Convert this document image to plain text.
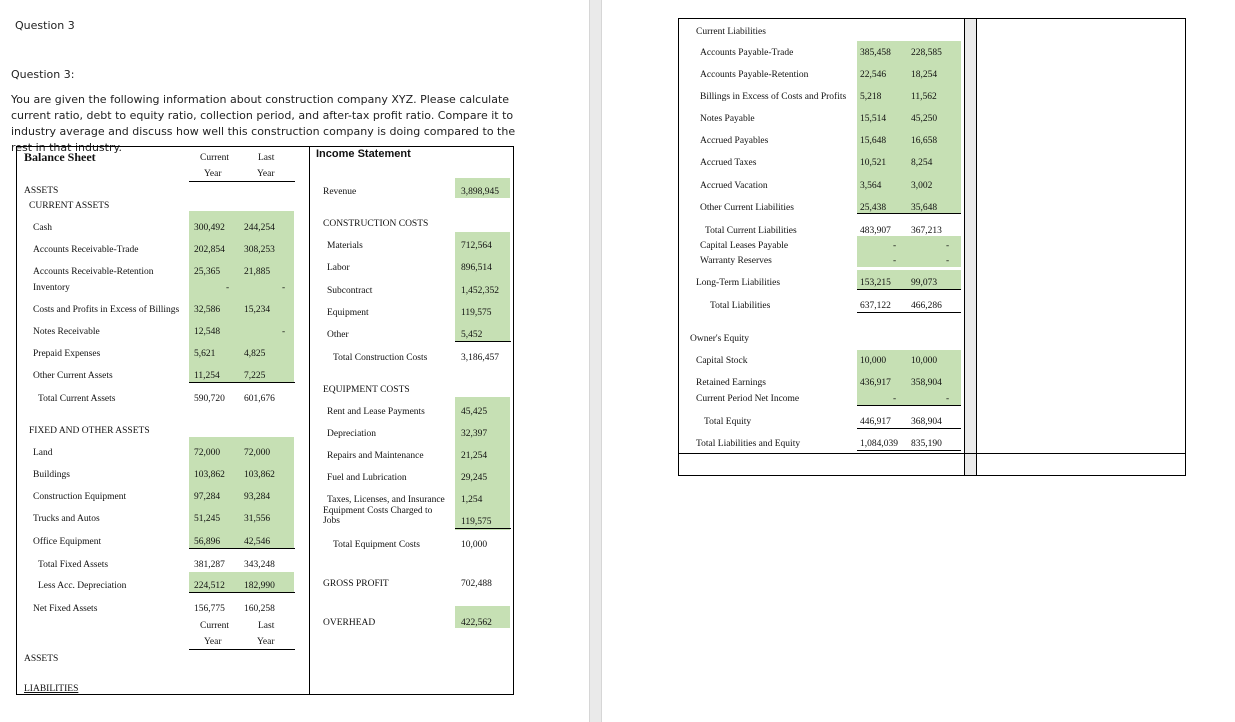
Question 3
Question 3:
You are given the following information about construction company XYZ. Please calculate current ratio, debt to equity ratio, collection period, and after-tax profit ratio. Compare it to industry average and discuss how well this construction company is doing compared to the rest in that industry.
Balance Sheet	Current
Year
Last
Year
ASSETS
CURRENT ASSETS
Cash	300,492 244,254
Accounts Receivable-Trade	202,854 308,253
Accounts Receivable-Retention	25,365	21,885
Inventory	-	-
Costs and Profits in Excess of Billings 32,586	15,234
Notes Receivable	12,548	-
Prepaid Expenses	5,621	4,825
Other Current Assets	11,254	7,225
Total Current Assets	590,720 601,676
FIXED AND OTHER ASSETS
Land	72,000	72,000
Buildings	103,862 103,862
Construction Equipment	97,284	93,284
Trucks and Autos	51,245	31,556
Office Equipment	56,896	42,546
Total Fixed Assets	381,287 343,248
Less Acc. Depreciation	224,512 182,990
Net Fixed Assets	156,775 160,258
Current
Year
Last
Year
ASSETS
LIABILITIES
Income Statement
Revenue	3,898,945
CONSTRUCTION COSTS
Materials	712,564
Labor	896,514
Subcontract	1,452,352
Equipment	119,575
Other	5,452
Total Construction Costs	3,186,457
EQUIPMENT COSTS
Rent and Lease Payments	45,425
Depreciation	32,397
Repairs and Maintenance	21,254
Fuel and Lubrication	29,245
Taxes, Licenses, and Insurance 1,254
Equipment Costs Charged to Jobs	119,575
Total Equipment Costs	10,000
GROSS PROFIT	702,488
OVERHEAD	422,562
Current Liabilities
Accounts Payable-Trade	385,458 228,585
Accounts Payable-Retention	22,546	18,254
Billings in Excess of Costs and Profits 5,218	11,562
Notes Payable	15,514	45,250
Accrued Payables	15,648	16,658
Accrued Taxes	10,521	8,254
Accrued Vacation	3,564	3,002
Other Current Liabilities	25,438	35,648
Total Current Liabilities	483,907 367,213
Capital Leases Payable	-	-
Warranty Reserves	-	-
Long-Term Liabilities	153,215 99,073
Total Liabilities	637,122 466,286
Owner's Equity
Capital Stock	10,000	10,000
Retained Earnings	436,917 358,904
Current Period Net Income	-	-
Total Equity	446,917 368,904
Total Liabilities and Equity	1,084,039 835,190
